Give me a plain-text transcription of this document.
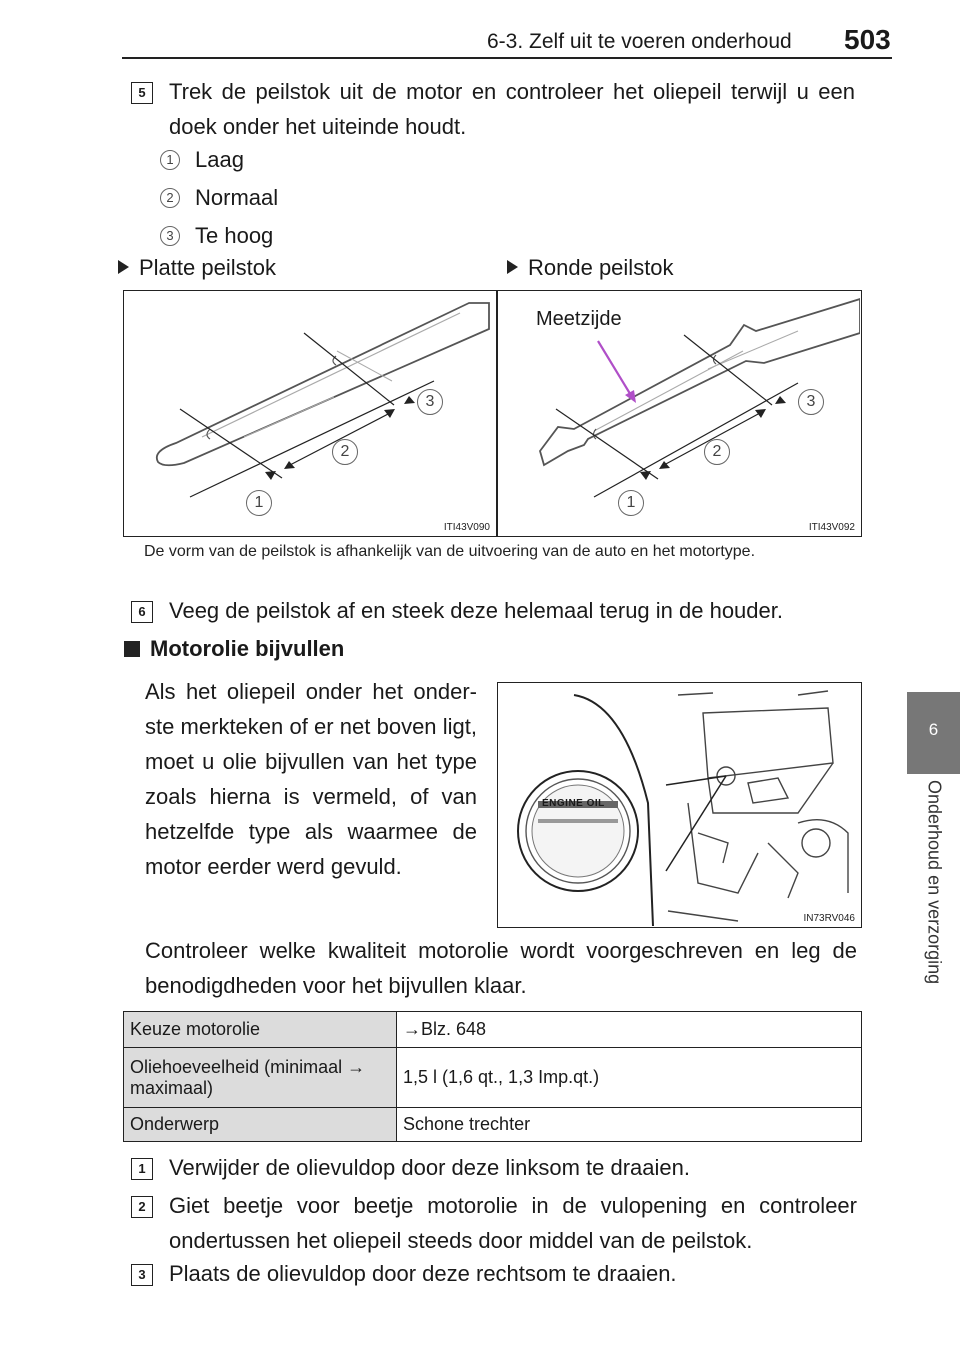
6-3. Zelf uit te voeren onderhoud 503
6
Onderhoud en verzorging
5	Trek de peilstok uit de motor en controleer het oliepeil terwijl u een doek onder het uiteinde houdt.
1 Laag
2 Normaal
3 Te hoog
Platte peilstok	Ronde peilstok
1
2
3
ITI43V090
Meetzijde
1
2
3
ITI43V092
De vorm van de peilstok is afhankelijk van de uitvoering van de auto en het motortype.
6	Veeg de peilstok af en steek deze helemaal terug in de houder.
Motorolie bijvullen
Als het oliepeil onder het onder-ste merkteken of er net boven ligt, moet u olie bijvullen van het type zoals hierna is vermeld, of van hetzelfde type als waarmee de motor eerder werd gevuld.
ENGINE OIL
IN73RV046
Controleer welke kwaliteit motorolie wordt voorgeschreven en leg de benodigdheden voor het bijvullen klaar.
Keuze motorolie	→Blz. 648
Oliehoeveelheid (minimaal → maximaal)	1,5 l (1,6 qt., 1,3 Imp.qt.)
Onderwerp	Schone trechter
1	Verwijder de olievuldop door deze linksom te draaien.
2	Giet beetje voor beetje motorolie in de vulopening en controleer ondertussen het oliepeil steeds door middel van de peilstok.
3	Plaats de olievuldop door deze rechtsom te draaien.
